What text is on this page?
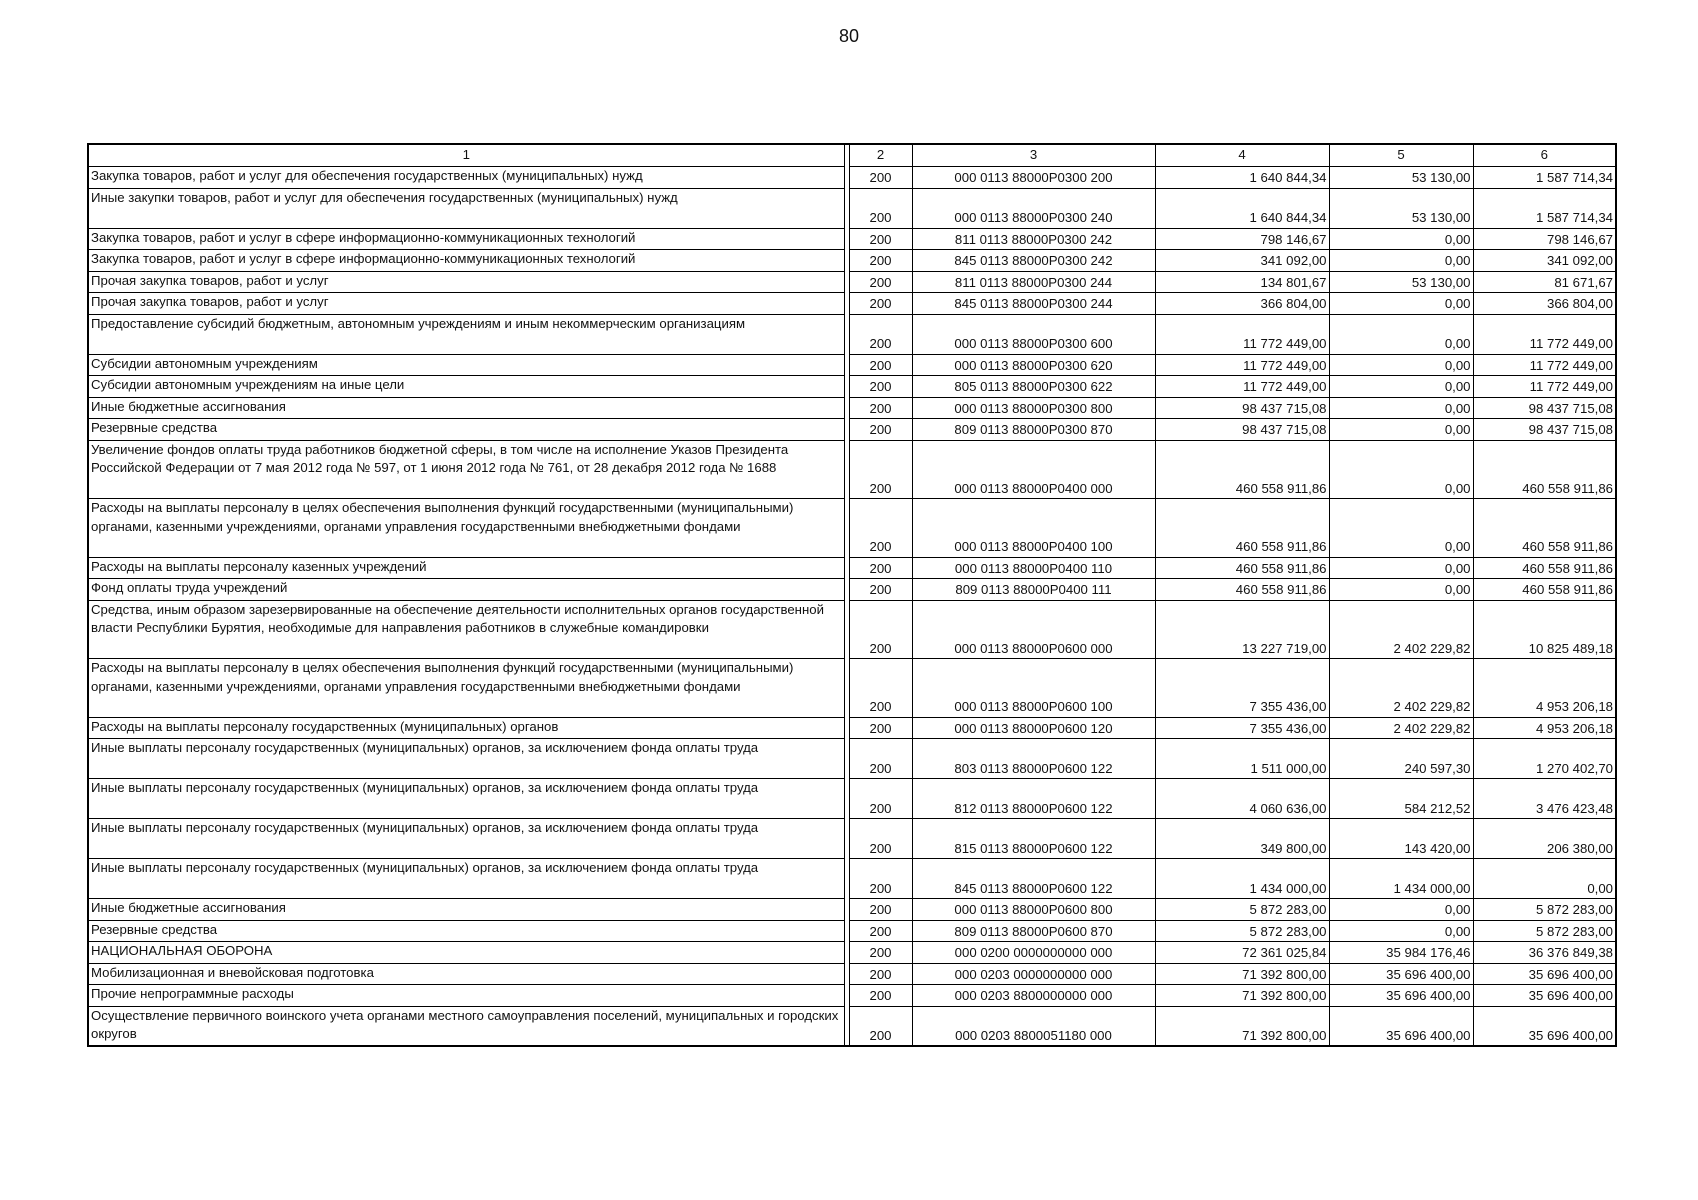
80
1		2	3	4	5	6
Закупка товаров, работ и услуг для обеспечения государственных (муниципальных) нужд		200	000 0113 88000P0300 200	1 640 844,34	53 130,00	1 587 714,34
Иные закупки товаров, работ и услуг для обеспечения государственных (муниципальных) нужд		200	000 0113 88000P0300 240	1 640 844,34	53 130,00	1 587 714,34
Закупка товаров, работ и услуг в сфере информационно-коммуникационных технологий		200	811 0113 88000P0300 242	798 146,67	0,00	798 146,67
Закупка товаров, работ и услуг в сфере информационно-коммуникационных технологий		200	845 0113 88000P0300 242	341 092,00	0,00	341 092,00
Прочая закупка товаров, работ и услуг		200	811 0113 88000P0300 244	134 801,67	53 130,00	81 671,67
Прочая закупка товаров, работ и услуг		200	845 0113 88000P0300 244	366 804,00	0,00	366 804,00
Предоставление субсидий бюджетным, автономным учреждениям и иным некоммерческим организациям		200	000 0113 88000P0300 600	11 772 449,00	0,00	11 772 449,00
Субсидии автономным учреждениям		200	000 0113 88000P0300 620	11 772 449,00	0,00	11 772 449,00
Субсидии автономным учреждениям на иные цели		200	805 0113 88000P0300 622	11 772 449,00	0,00	11 772 449,00
Иные бюджетные ассигнования		200	000 0113 88000P0300 800	98 437 715,08	0,00	98 437 715,08
Резервные средства		200	809 0113 88000P0300 870	98 437 715,08	0,00	98 437 715,08
Увеличение фондов оплаты труда работников бюджетной сферы, в том числе на исполнение Указов Президента Российской Федерации от 7 мая 2012 года № 597, от 1 июня 2012 года № 761, от 28 декабря 2012 года № 1688		200	000 0113 88000P0400 000	460 558 911,86	0,00	460 558 911,86
Расходы на выплаты персоналу в целях обеспечения выполнения функций государственными (муниципальными) органами, казенными учреждениями, органами управления государственными внебюджетными фондами		200	000 0113 88000P0400 100	460 558 911,86	0,00	460 558 911,86
Расходы на выплаты персоналу казенных учреждений		200	000 0113 88000P0400 110	460 558 911,86	0,00	460 558 911,86
Фонд оплаты труда учреждений		200	809 0113 88000P0400 111	460 558 911,86	0,00	460 558 911,86
Средства, иным образом зарезервированные на обеспечение деятельности исполнительных органов государственной власти Республики Бурятия, необходимые для направления работников в служебные командировки		200	000 0113 88000P0600 000	13 227 719,00	2 402 229,82	10 825 489,18
Расходы на выплаты персоналу в целях обеспечения выполнения функций государственными (муниципальными) органами, казенными учреждениями, органами управления государственными внебюджетными фондами		200	000 0113 88000P0600 100	7 355 436,00	2 402 229,82	4 953 206,18
Расходы на выплаты персоналу государственных (муниципальных) органов		200	000 0113 88000P0600 120	7 355 436,00	2 402 229,82	4 953 206,18
Иные выплаты персоналу государственных (муниципальных) органов, за исключением фонда оплаты труда		200	803 0113 88000P0600 122	1 511 000,00	240 597,30	1 270 402,70
Иные выплаты персоналу государственных (муниципальных) органов, за исключением фонда оплаты труда		200	812 0113 88000P0600 122	4 060 636,00	584 212,52	3 476 423,48
Иные выплаты персоналу государственных (муниципальных) органов, за исключением фонда оплаты труда		200	815 0113 88000P0600 122	349 800,00	143 420,00	206 380,00
Иные выплаты персоналу государственных (муниципальных) органов, за исключением фонда оплаты труда		200	845 0113 88000P0600 122	1 434 000,00	1 434 000,00	0,00
Иные бюджетные ассигнования		200	000 0113 88000P0600 800	5 872 283,00	0,00	5 872 283,00
Резервные средства		200	809 0113 88000P0600 870	5 872 283,00	0,00	5 872 283,00
НАЦИОНАЛЬНАЯ ОБОРОНА		200	000 0200 0000000000 000	72 361 025,84	35 984 176,46	36 376 849,38
Мобилизационная и вневойсковая подготовка		200	000 0203 0000000000 000	71 392 800,00	35 696 400,00	35 696 400,00
Прочие непрограммные расходы		200	000 0203 8800000000 000	71 392 800,00	35 696 400,00	35 696 400,00
Осуществление первичного воинского учета органами местного самоуправления поселений, муниципальных и городских округов		200	000 0203 8800051180 000	71 392 800,00	35 696 400,00	35 696 400,00
